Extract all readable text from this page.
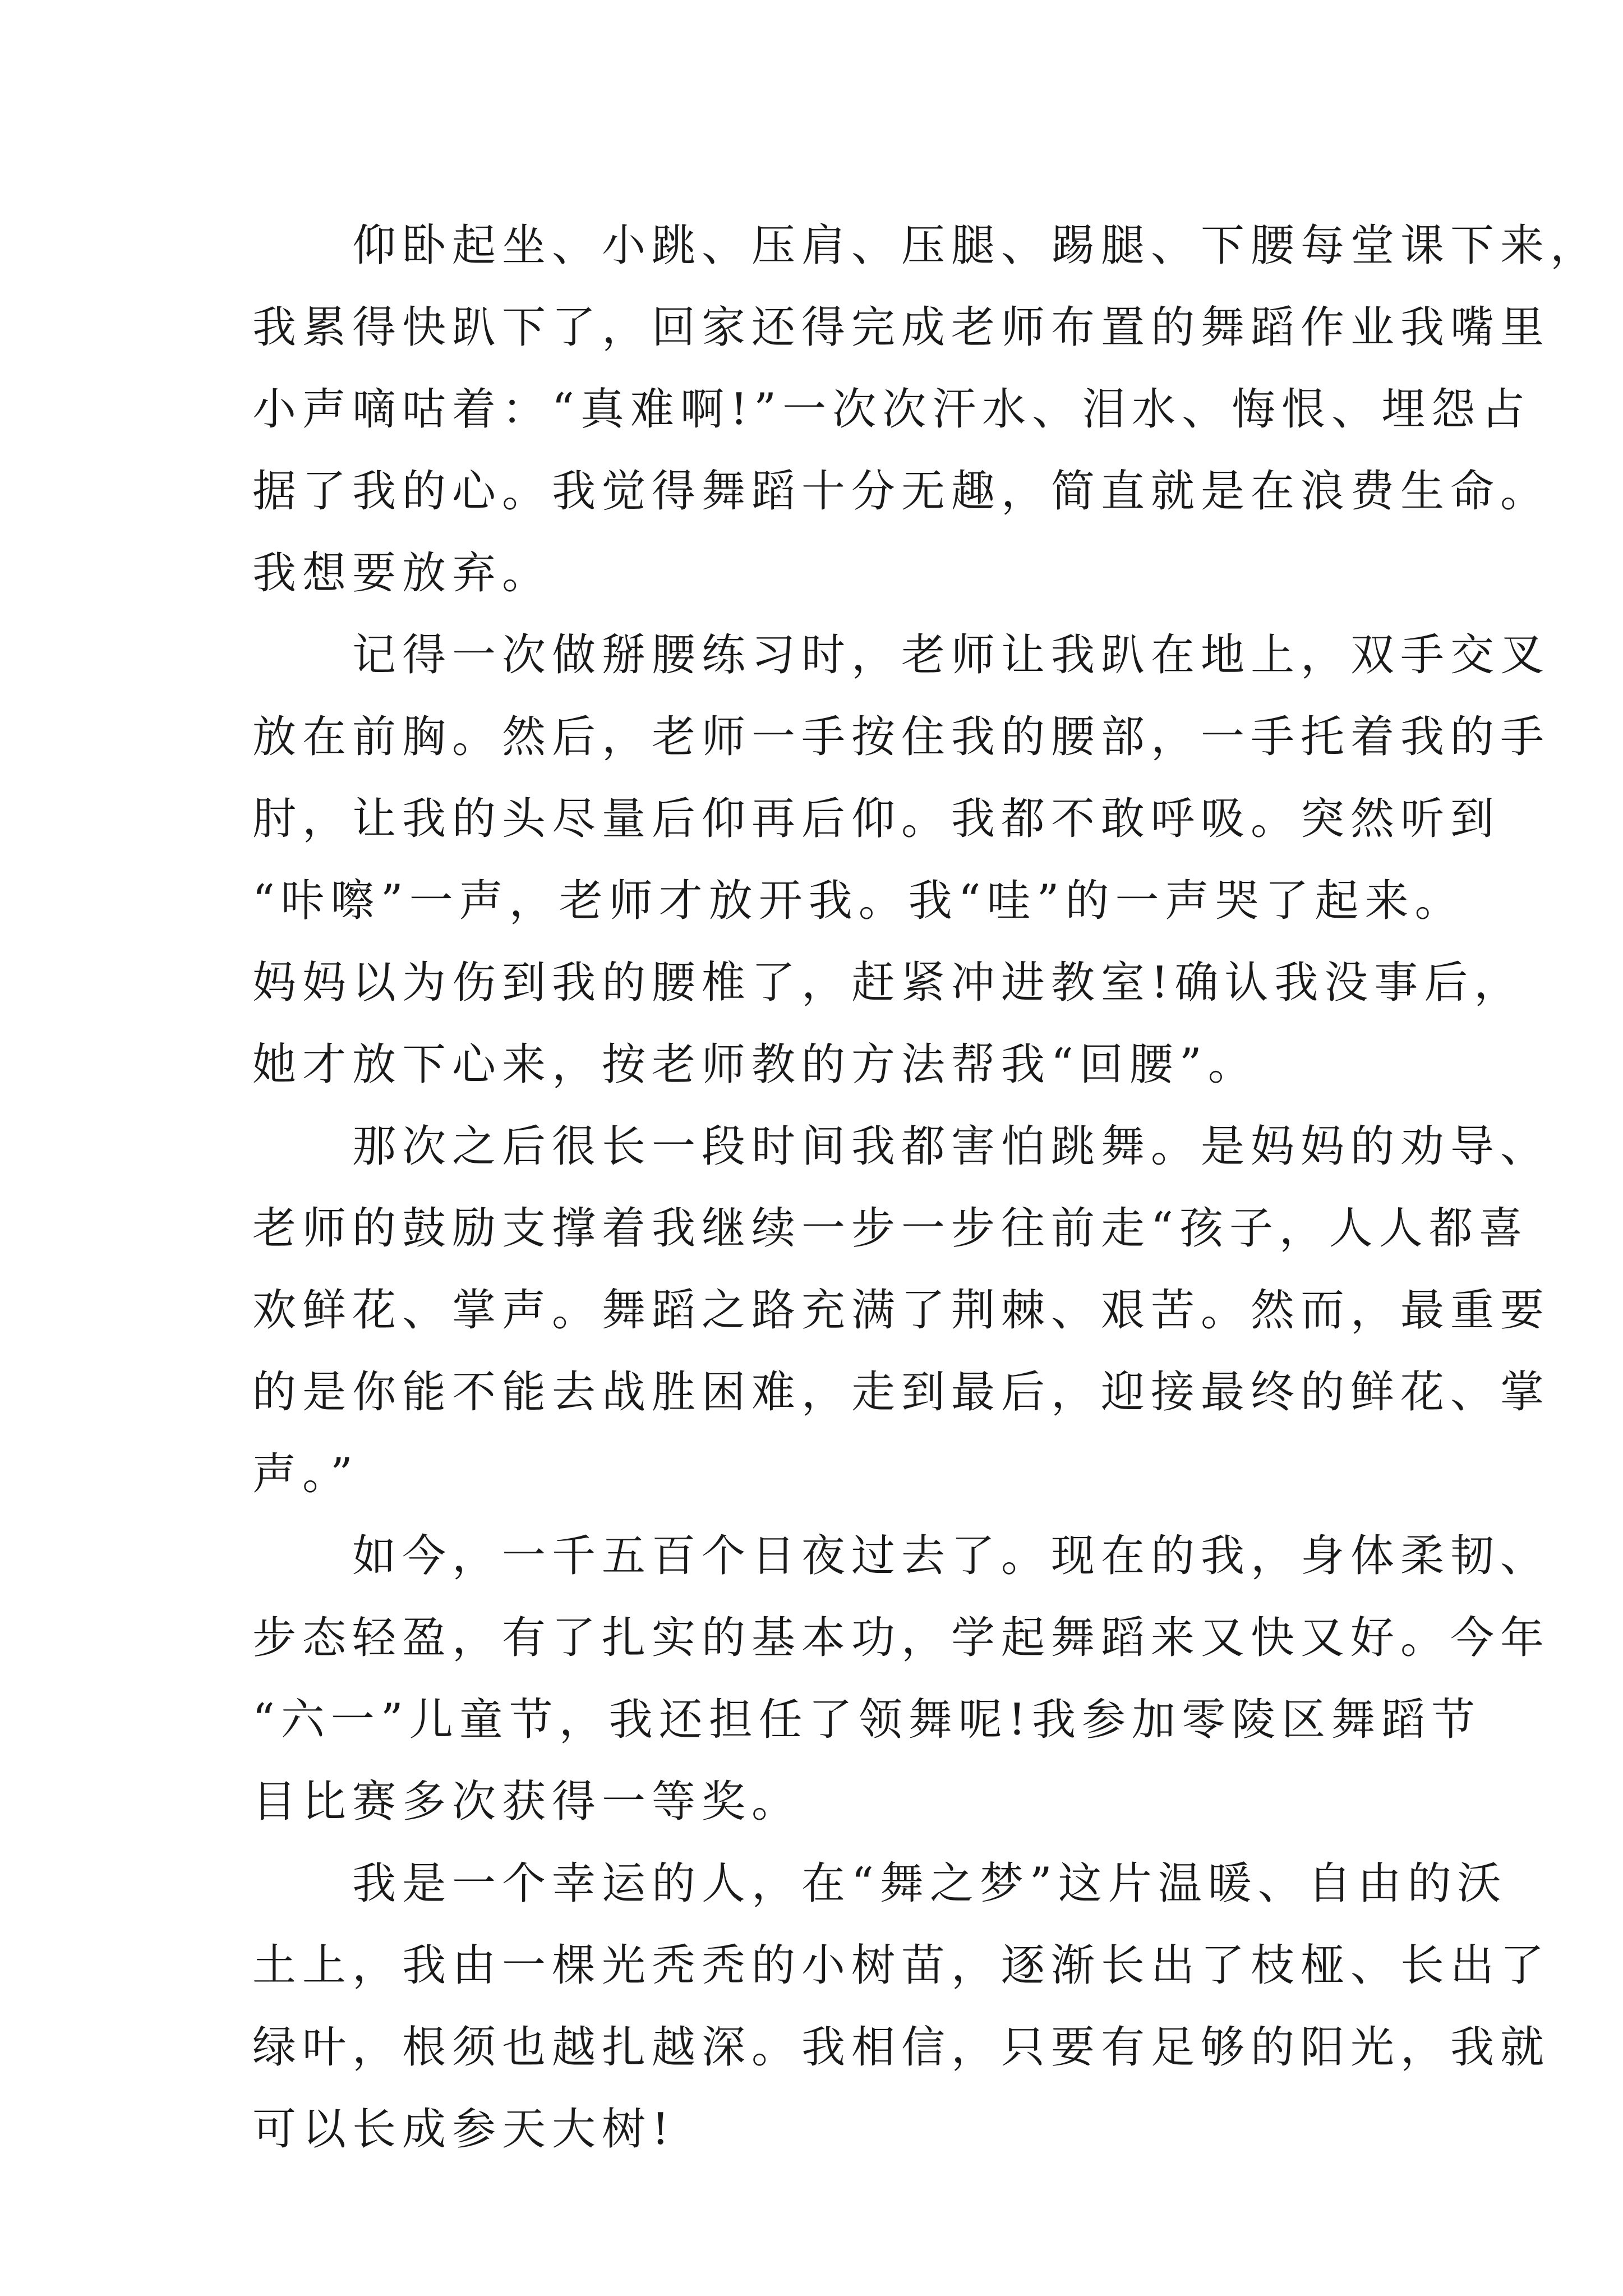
　　仰卧起坐、小跳、压肩、压腿、踢腿、下腰每堂课下来，
我累得快趴下了，回家还得完成老师布置的舞蹈作业我嘴里
小声嘀咕着：“真难啊!”一次次汗水、泪水、悔恨、埋怨占
据了我的心。我觉得舞蹈十分无趣，简直就是在浪费生命。
我想要放弃。
　　记得一次做掰腰练习时，老师让我趴在地上，双手交叉
放在前胸。然后，老师一手按住我的腰部，一手托着我的手
肘，让我的头尽量后仰再后仰。我都不敢呼吸。突然听到
“咔嚓”一声，老师才放开我。我“哇”的一声哭了起来。
妈妈以为伤到我的腰椎了，赶紧冲进教室!确认我没事后，
她才放下心来，按老师教的方法帮我“回腰”。
　　那次之后很长一段时间我都害怕跳舞。是妈妈的劝导、
老师的鼓励支撑着我继续一步一步往前走“孩子，人人都喜
欢鲜花、掌声。舞蹈之路充满了荆棘、艰苦。然而，最重要
的是你能不能去战胜困难，走到最后，迎接最终的鲜花、掌
声。”
　　如今，一千五百个日夜过去了。现在的我，身体柔韧、
步态轻盈，有了扎实的基本功，学起舞蹈来又快又好。今年
“六一”儿童节，我还担任了领舞呢!我参加零陵区舞蹈节
目比赛多次获得一等奖。
　　我是一个幸运的人，在“舞之梦”这片温暖、自由的沃
土上，我由一棵光秃秃的小树苗，逐渐长出了枝桠、长出了
绿叶，根须也越扎越深。我相信，只要有足够的阳光，我就
可以长成参天大树!
